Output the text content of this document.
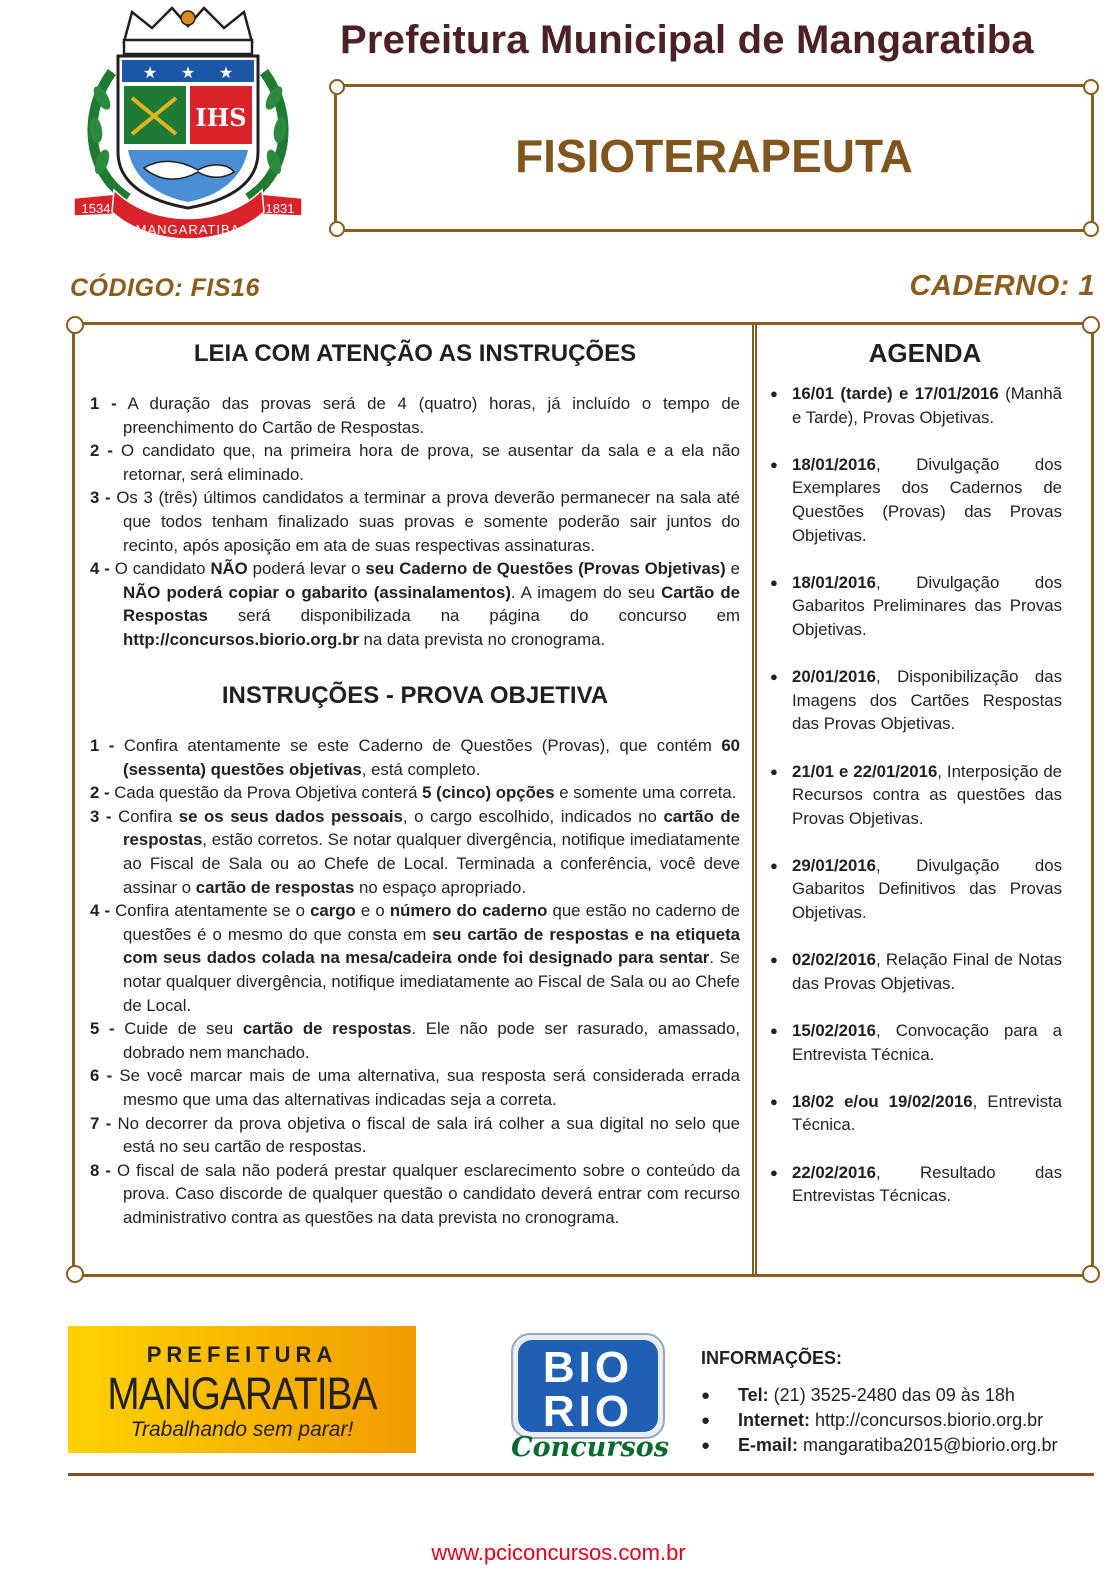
★ ★ ★
IHS
1534	1831
MANGARATIBA
Prefeitura Municipal de Mangaratiba
FISIOTERAPEUTA
CÓDIGO: FIS16	CADERNO: 1
LEIA COM ATENÇÃO AS INSTRUÇÕES
1 - A duração das provas será de 4 (quatro) horas, já incluído o tempo de preenchimento do Cartão de Respostas.
2 - O candidato que, na primeira hora de prova, se ausentar da sala e a ela não retornar, será eliminado.
3 - Os 3 (três) últimos candidatos a terminar a prova deverão permanecer na sala até que todos tenham finalizado suas provas e somente poderão sair juntos do recinto, após aposição em ata de suas respectivas assinaturas.
4 - O candidato NÃO poderá levar o seu Caderno de Questões (Provas Objetivas) e NÃO poderá copiar o gabarito (assinalamentos). A imagem do seu Cartão de Respostas será disponibilizada na página do concurso em http://concursos.biorio.org.br na data prevista no cronograma.
INSTRUÇÕES - PROVA OBJETIVA
1 - Confira atentamente se este Caderno de Questões (Provas), que contém 60 (sessenta) questões objetivas, está completo.
2 - Cada questão da Prova Objetiva conterá 5 (cinco) opções e somente uma correta.
3 - Confira se os seus dados pessoais, o cargo escolhido, indicados no cartão de respostas, estão corretos. Se notar qualquer divergência, notifique imediatamente ao Fiscal de Sala ou ao Chefe de Local. Terminada a conferência, você deve assinar o cartão de respostas no espaço apropriado.
4 - Confira atentamente se o cargo e o número do caderno que estão no caderno de questões é o mesmo do que consta em seu cartão de respostas e na etiqueta com seus dados colada na mesa/cadeira onde foi designado para sentar. Se notar qualquer divergência, notifique imediatamente ao Fiscal de Sala ou ao Chefe de Local.
5 - Cuide de seu cartão de respostas. Ele não pode ser rasurado, amassado, dobrado nem manchado.
6 - Se você marcar mais de uma alternativa, sua resposta será considerada errada mesmo que uma das alternativas indicadas seja a correta.
7 - No decorrer da prova objetiva o fiscal de sala irá colher a sua digital no selo que está no seu cartão de respostas.
8 - O fiscal de sala não poderá prestar qualquer esclarecimento sobre o conteúdo da prova. Caso discorde de qualquer questão o candidato deverá entrar com recurso administrativo contra as questões na data prevista no cronograma.
AGENDA
● 16/01 (tarde) e 17/01/2016 (Manhã e Tarde), Provas Objetivas.
● 18/01/2016, Divulgação dos Exemplares dos Cadernos de Questões (Provas) das Provas Objetivas.
● 18/01/2016, Divulgação dos Gabaritos Preliminares das Provas Objetivas.
● 20/01/2016, Disponibilização das Imagens dos Cartões Respostas das Provas Objetivas.
● 21/01 e 22/01/2016, Interposição de Recursos contra as questões das Provas Objetivas.
● 29/01/2016, Divulgação dos Gabaritos Definitivos das Provas Objetivas.
● 02/02/2016, Relação Final de Notas das Provas Objetivas.
● 15/02/2016, Convocação para a Entrevista Técnica.
● 18/02 e/ou 19/02/2016, Entrevista Técnica.
● 22/02/2016, Resultado das Entrevistas Técnicas.
PREFEITURA
MANGARATIBA
Trabalhando sem parar!
BIO
RIO
Concursos
INFORMAÇÕES:
● Tel: (21) 3525-2480 das 09 às 18h
● Internet: http://concursos.biorio.org.br
● E-mail: mangaratiba2015@biorio.org.br
www.pciconcursos.com.br
